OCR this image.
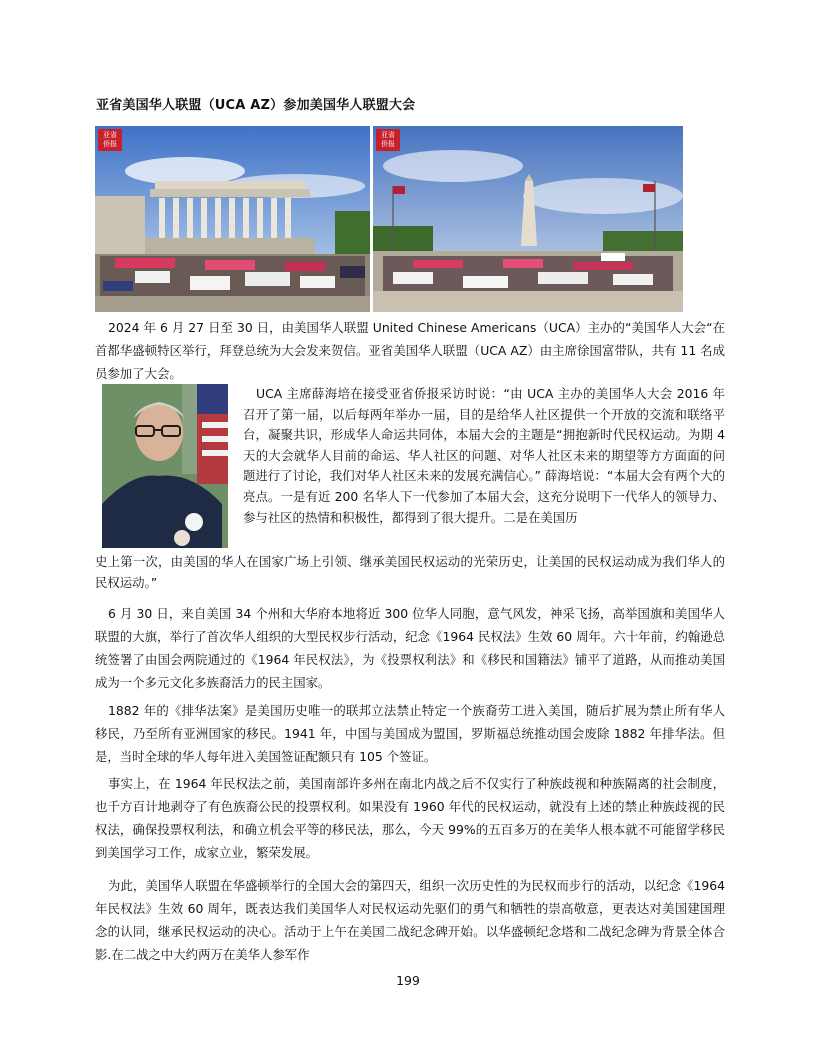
亚省美国华人联盟（UCA AZ）参加美国华人联盟大会
亚省
侨报
亚省
侨报

2024 年 6 月 27 日至 30 日，由美国华人联盟 United Chinese Americans（UCA）主办的“美国华人大会“在首都华盛顿特区举行，拜登总统为大会发来贺信。亚省美国华人联盟（UCA AZ）由主席徐国富带队，共有 11 名成员参加了大会。

UCA 主席薛海培在接受亚省侨报采访时说：“由 UCA 主办的美国华人大会 2016 年召开了第一届，以后每两年举办一届，目的是给华人社区提供一个开放的交流和联络平台，凝聚共识，形成华人命运共同体，本届大会的主题是“拥抱新时代民权运动。为期 4 天的大会就华人目前的命运、华人社区的问题、对华人社区未来的期望等方方面面的问题进行了讨论，我们对华人社区未来的发展充满信心。” 薛海培说：“本届大会有两个大的亮点。一是有近 200 名华人下一代参加了本届大会，这充分说明下一代华人的领导力、参与社区的热情和积极性，都得到了很大提升。二是在美国历

史上第一次，由美国的华人在国家广场上引领、继承美国民权运动的光荣历史，让美国的民权运动成为我们华人的民权运动。”

6 月 30 日，来自美国 34 个州和大华府本地将近 300 位华人同胞，意气风发，神采飞扬，高举国旗和美国华人联盟的大旗，举行了首次华人组织的大型民权步行活动，纪念《1964 民权法》生效 60 周年。六十年前，约翰逊总统签署了由国会两院通过的《1964 年民权法》，为《投票权利法》和《移民和国籍法》铺平了道路，从而推动美国成为一个多元文化多族裔活力的民主国家。

1882 年的《排华法案》是美国历史唯一的联邦立法禁止特定一个族裔劳工进入美国，随后扩展为禁止所有华人移民，乃至所有亚洲国家的移民。1941 年，中国与美国成为盟国，罗斯福总统推动国会废除 1882 年排华法。但是，当时全球的华人每年进入美国签证配额只有 105 个签证。

事实上，在 1964 年民权法之前，美国南部许多州在南北内战之后不仅实行了种族歧视和种族隔离的社会制度，也千方百计地剥夺了有色族裔公民的投票权利。如果没有 1960 年代的民权运动，就没有上述的禁止种族歧视的民权法，确保投票权利法，和确立机会平等的移民法，那么，今天 99%的五百多万的在美华人根本就不可能留学移民到美国学习工作，成家立业，繁荣发展。

为此，美国华人联盟在华盛顿举行的全国大会的第四天，组织一次历史性的为民权而步行的活动，以纪念《1964 年民权法》生效 60 周年，既表达我们美国华人对民权运动先驱们的勇气和牺牲的崇高敬意，更表达对美国建国理念的认同，继承民权运动的决心。活动于上午在美国二战纪念碑开始。以华盛顿纪念塔和二战纪念碑为背景全体合影.在二战之中大约两万在美华人参军作

199
